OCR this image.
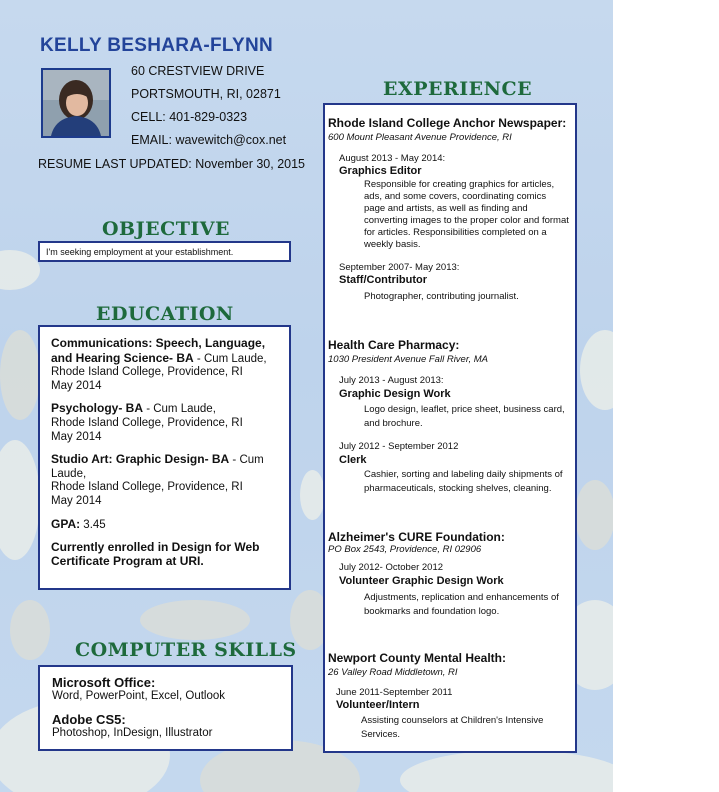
KELLY BESHARA-FLYNN
60 CRESTVIEW DRIVE
PORTSMOUTH, RI, 02871
CELL: 401-829-0323
EMAIL: wavewitch@cox.net
RESUME LAST UPDATED: November 30, 2015
OBJECTIVE
I'm seeking employment at your establishment.
EDUCATION
Communications: Speech, Language, and Hearing Science- BA - Cum Laude,
Rhode Island College, Providence, RI
May 2014
Psychology- BA - Cum Laude,
Rhode Island College, Providence, RI
May 2014
Studio Art: Graphic Design- BA - Cum Laude,
Rhode Island College, Providence, RI
May 2014
GPA: 3.45
Currently enrolled in Design for Web Certificate Program at URI.
COMPUTER SKILLS
Microsoft Office:
Word, PowerPoint, Excel, Outlook
Adobe CS5:
Photoshop, InDesign, Illustrator
EXPERIENCE
Rhode Island College Anchor Newspaper:
600 Mount Pleasant Avenue Providence, RI
August 2013 - May 2014:
Graphics Editor
Responsible for creating graphics for articles, ads, and some covers, coordinating comics page and artists, as well as finding and converting images to the proper color and format for articles. Responsibilities completed on a weekly basis.
September 2007- May 2013:
Staff/Contributor
Photographer, contributing journalist.
Health Care Pharmacy:
1030 President Avenue Fall River, MA
July 2013 - August 2013:
Graphic Design Work
Logo design, leaflet, price sheet, business card, and brochure.
July 2012 - September 2012
Clerk
Cashier, sorting and labeling daily shipments of pharmaceuticals, stocking shelves, cleaning.
Alzheimer's CURE Foundation:
PO Box 2543, Providence, RI 02906
July 2012- October 2012
Volunteer Graphic Design Work
Adjustments, replication and enhancements of bookmarks and foundation logo.
Newport County Mental Health:
26 Valley Road Middletown, RI
June 2011-September 2011
Volunteer/Intern
Assisting counselors at Children's Intensive Services.
